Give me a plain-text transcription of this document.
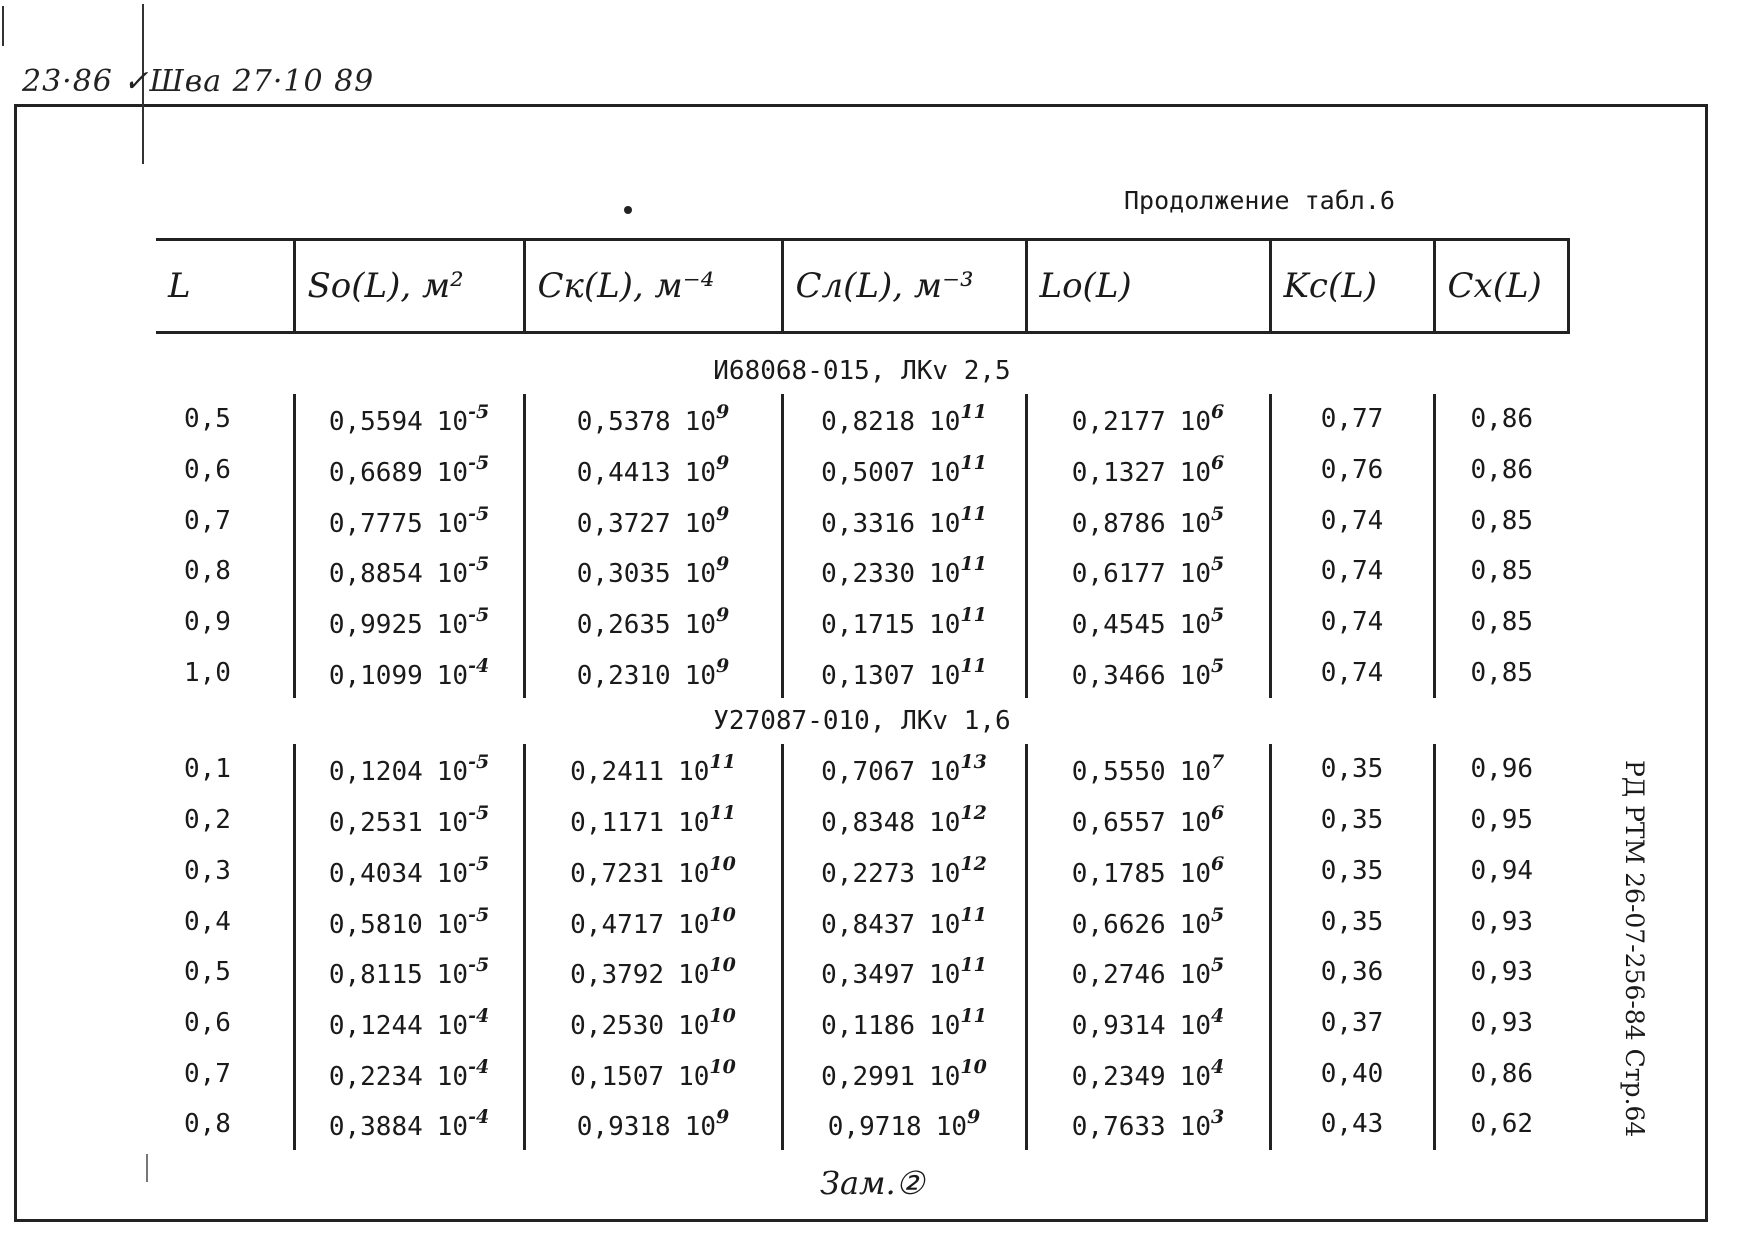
23·86 ✓Шва 27·10 89
Продолжение табл.6
L	So(L), м²	Cк(L), м⁻⁴	Cл(L), м⁻³	Lo(L)	Kc(L)	Cх(L)
И68068-015, ЛКv 2,5						
0,5	0,5594 $10^{-5}$	0,5378 $10^9$	0,8218 $10^{11}$	0,2177 $10^6$	0,77	0,86
0,6	0,6689 $10^{-5}$	0,4413 $10^9$	0,5007 $10^{11}$	0,1327 $10^6$	0,76	0,86
0,7	0,7775 $10^{-5}$	0,3727 $10^9$	0,3316 $10^{11}$	0,8786 $10^5$	0,74	0,85
0,8	0,8854 $10^{-5}$	0,3035 $10^9$	0,2330 $10^{11}$	0,6177 $10^5$	0,74	0,85
0,9	0,9925 $10^{-5}$	0,2635 $10^9$	0,1715 $10^{11}$	0,4545 $10^5$	0,74	0,85
1,0	0,1099 $10^{-4}$	0,2310 $10^9$	0,1307 $10^{11}$	0,3466 $10^5$	0,74	0,85
У27087-010, ЛКv 1,6						
0,1	0,1204 $10^{-5}$	0,2411 $10^{11}$	0,7067 $10^{13}$	0,5550 $10^7$	0,35	0,96
0,2	0,2531 $10^{-5}$	0,1171 $10^{11}$	0,8348 $10^{12}$	0,6557 $10^6$	0,35	0,95
0,3	0,4034 $10^{-5}$	0,7231 $10^{10}$	0,2273 $10^{12}$	0,1785 $10^6$	0,35	0,94
0,4	0,5810 $10^{-5}$	0,4717 $10^{10}$	0,8437 $10^{11}$	0,6626 $10^5$	0,35	0,93
0,5	0,8115 $10^{-5}$	0,3792 $10^{10}$	0,3497 $10^{11}$	0,2746 $10^5$	0,36	0,93
0,6	0,1244 $10^{-4}$	0,2530 $10^{10}$	0,1186 $10^{11}$	0,9314 $10^4$	0,37	0,93
0,7	0,2234 $10^{-4}$	0,1507 $10^{10}$	0,2991 $10^{10}$	0,2349 $10^4$	0,40	0,86
0,8	0,3884 $10^{-4}$	0,9318 $10^9$	0,9718 $10^9$	0,7633 $10^3$	0,43	0,62
Зам.②
РД РТМ 26-07-256-84 Стр.64
